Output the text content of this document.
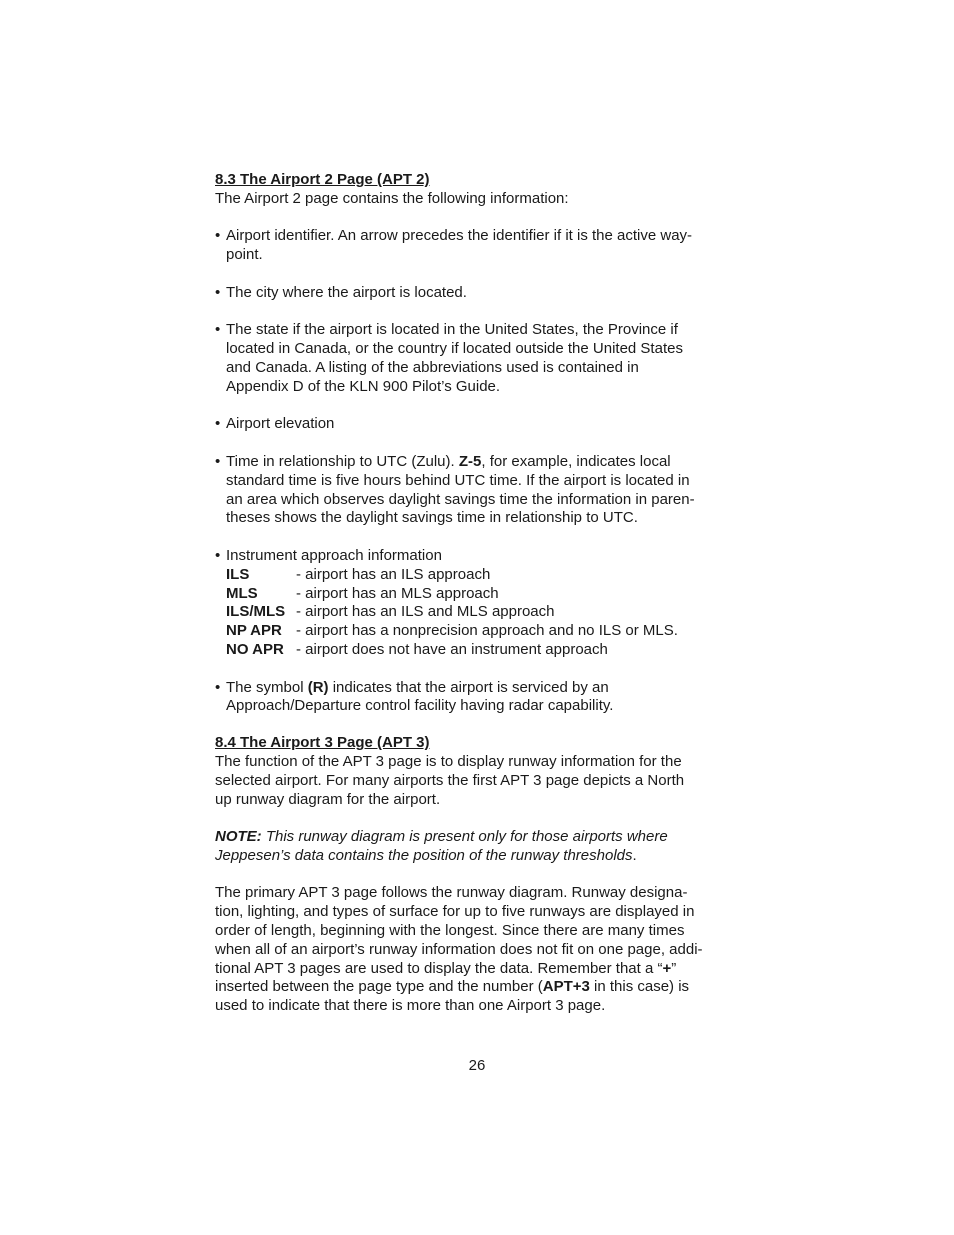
8.3 The Airport 2 Page (APT 2)

The Airport 2 page contains the following information:

• Airport identifier. An arrow precedes the identifier if it is the active way-

point.

• The city where the airport is located.

• The state if the airport is located in the United States, the Province if

located in Canada, or the country if located outside the United States

and Canada. A listing of the abbreviations used is contained in

Appendix D of the KLN 900 Pilot’s Guide.

• Airport elevation

• Time in relationship to UTC (Zulu). Z-5, for example, indicates local

standard time is five hours behind UTC time. If the airport is located in

an area which observes daylight savings time the information in paren-

theses shows the daylight savings time in relationship to UTC.

• Instrument approach information

ILS	- airport has an ILS approach
MLS	- airport has an MLS approach
ILS/MLS - airport has an ILS and MLS approach
NP APR - airport has a nonprecision approach and no ILS or MLS.
NO APR - airport does not have an instrument approach
• The symbol (R) indicates that the airport is serviced by an

Approach/Departure control facility having radar capability.

8.4 The Airport 3 Page (APT 3)

The function of the APT 3 page is to display runway information for the

selected airport. For many airports the first APT 3 page depicts a North

up runway diagram for the airport.

NOTE: This runway diagram is present only for those airports where

Jeppesen’s data contains the position of the runway thresholds.

The primary APT 3 page follows the runway diagram. Runway designa-

tion, lighting, and types of surface for up to five runways are displayed in

order of length, beginning with the longest. Since there are many times

when all of an airport’s runway information does not fit on one page, addi-

tional APT 3 pages are used to display the data. Remember that a “+”

inserted between the page type and the number (APT+3 in this case) is

used to indicate that there is more than one Airport 3 page.

26
